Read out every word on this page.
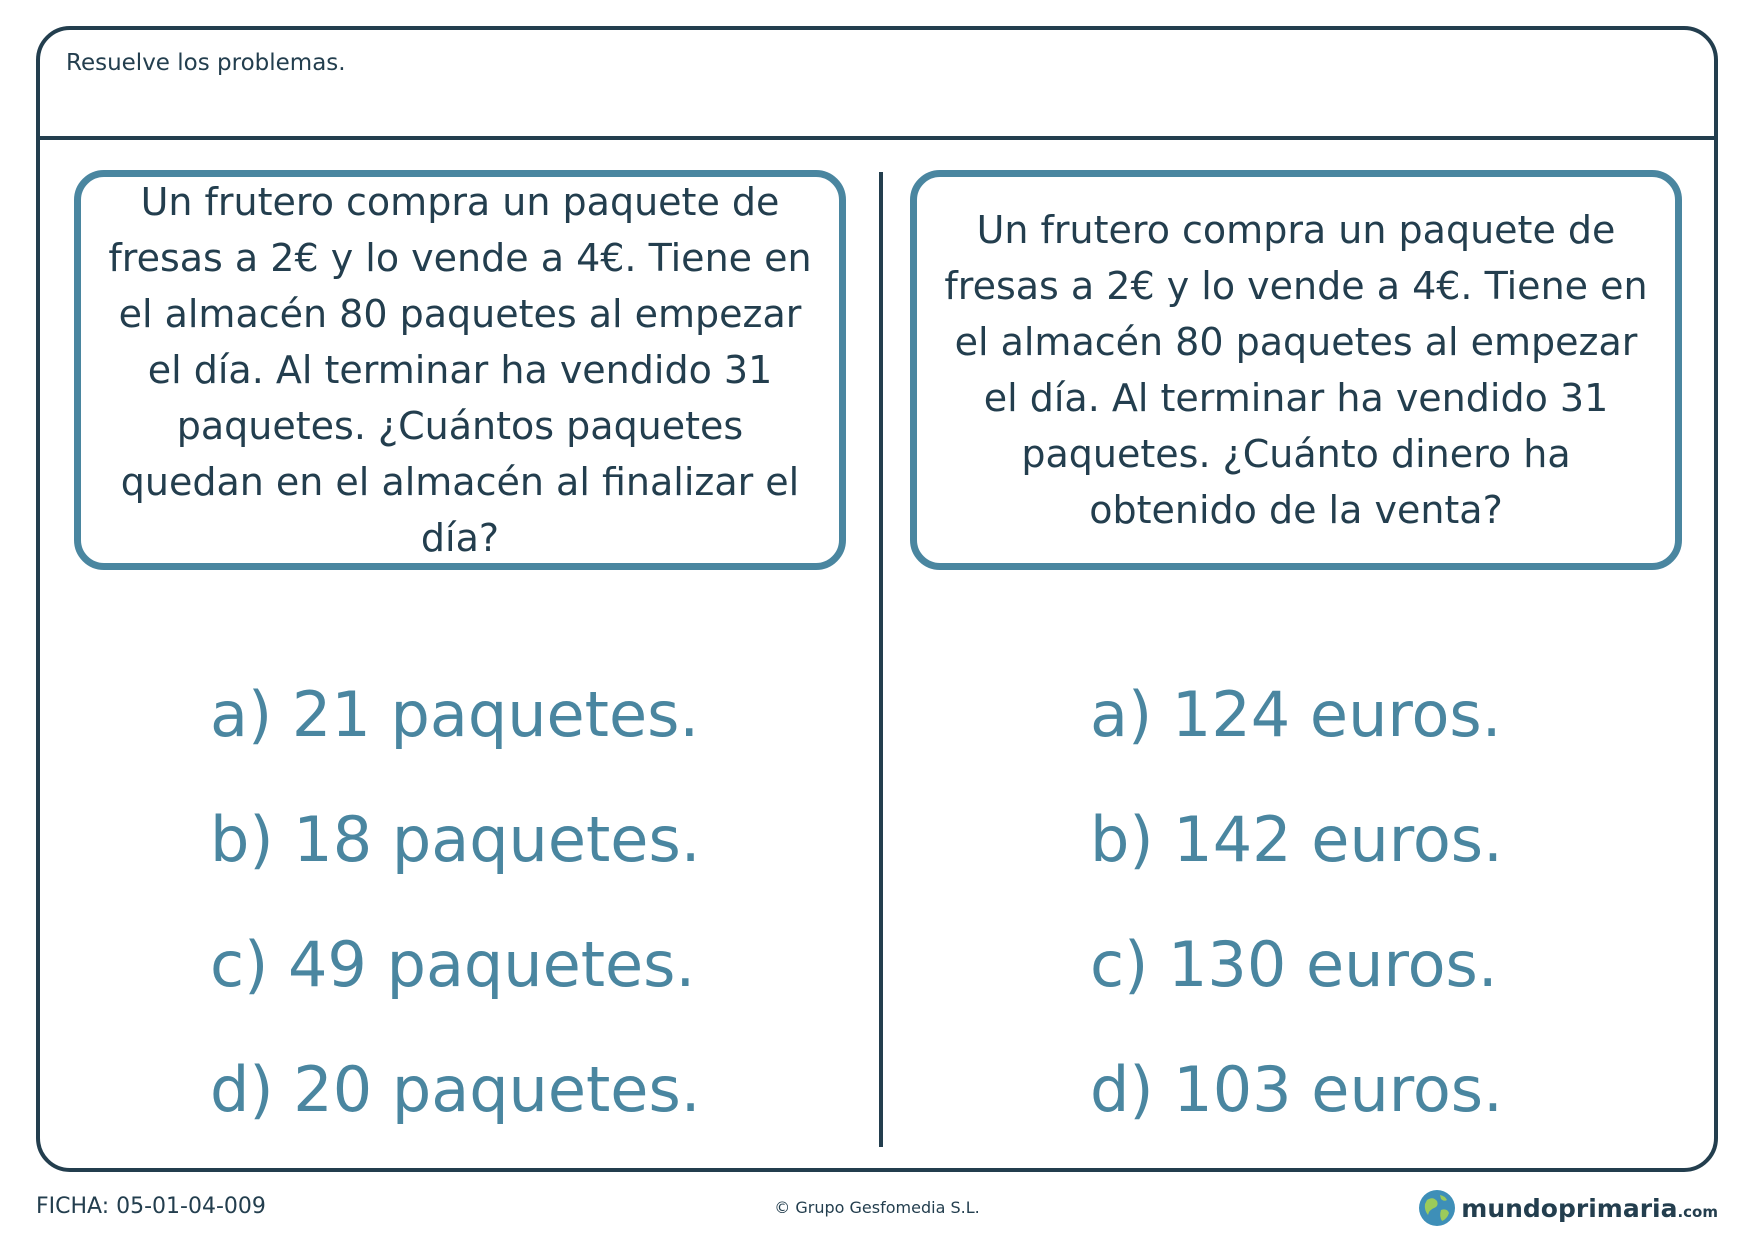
Resuelve los problemas.
Un frutero compra un paquete de fresas a 2€ y lo vende a 4€. Tiene en el almacén 80 paquetes al empezar el día. Al terminar ha vendido 31 paquetes. ¿Cuántos paquetes quedan en el almacén al finalizar el día?
Un frutero compra un paquete de fresas a 2€ y lo vende a 4€. Tiene en el almacén 80 paquetes al empezar el día. Al terminar ha vendido 31 paquetes. ¿Cuánto dinero ha obtenido de la venta?
a) 21 paquetes.
b) 18 paquetes.
c) 49 paquetes.
d) 20 paquetes.
a) 124 euros.
b) 142 euros.
c) 130 euros.
d) 103 euros.
FICHA: 05-01-04-009	© Grupo Gesfomedia S.L.	mundoprimaria.com
